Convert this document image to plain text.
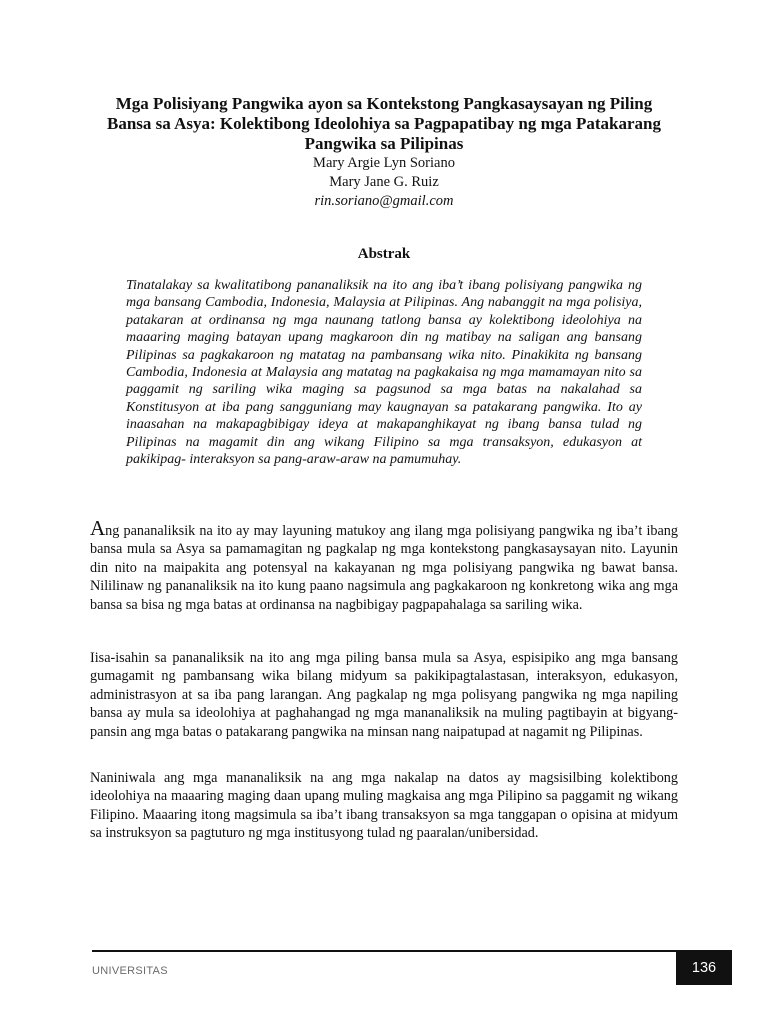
Mga Polisiyang Pangwika ayon sa Kontekstong Pangkasaysayan ng Piling Bansa sa Asya: Kolektibong Ideolohiya sa Pagpapatibay ng mga Patakarang Pangwika sa Pilipinas
Mary Argie Lyn Soriano
Mary Jane G. Ruiz
rin.soriano@gmail.com
Abstrak

Tinatalakay sa kwalitatibong pananaliksik na ito ang iba’t ibang polisiyang pangwika ng mga bansang Cambodia, Indonesia, Malaysia at Pilipinas. Ang nabanggit na mga polisiya, patakaran at ordinansa ng mga naunang tatlong bansa ay kolektibong ideolohiya na maaaring maging batayan upang magkaroon din ng matibay na saligan ang bansang Pilipinas sa pagkakaroon ng matatag na pambansang wika nito. Pinakikita ng bansang Cambodia, Indonesia at Malaysia ang matatag na pagkakaisa ng mga mamamayan nito sa paggamit ng sariling wika maging sa pagsunod sa mga batas na nakalahad sa Konstitusyon at iba pang sangguniang may kaugnayan sa patakarang pangwika. Ito ay inaasahan na makapagbibigay ideya at makapanghikayat ng ibang bansa tulad ng Pilipinas na magamit din ang wikang Filipino sa mga transaksyon, edukasyon at pakikipag- interaksyon sa pang-araw-araw na pamumuhay.

Ang pananaliksik na ito ay may layuning matukoy ang ilang mga polisiyang pangwika ng iba’t ibang bansa mula sa Asya sa pamamagitan ng pagkalap ng mga kontekstong pangkasaysayan nito. Layunin din nito na maipakita ang potensyal na kakayanan ng mga polisiyang pangwika ng bawat bansa. Nililinaw ng pananaliksik na ito kung paano nagsimula ang pagkakaroon ng konkretong wika ang mga bansa sa bisa ng mga batas at ordinansa na nagbibigay pagpapahalaga sa sariling wika.

Iisa-isahin sa pananaliksik na ito ang mga piling bansa mula sa Asya, espisipiko ang mga bansang gumagamit ng pambansang wika bilang midyum sa pakikipagtalastasan, interaksyon, edukasyon, administrasyon at sa iba pang larangan. Ang pagkalap ng mga polisyang pangwika ng mga napiling bansa ay mula sa ideolohiya at paghahangad ng mga mananaliksik na muling pagtibayin at bigyang-pansin ang mga batas o patakarang pangwika na minsan nang naipatupad at nagamit ng Pilipinas.

Naniniwala ang mga mananaliksik na ang mga nakalap na datos ay magsisilbing kolektibong ideolohiya na maaaring maging daan upang muling magkaisa ang mga Pilipino sa paggamit ng wikang Filipino. Maaaring itong magsimula sa iba’t ibang transaksyon sa mga tanggapan o opisina at midyum sa instruksyon sa pagtuturo ng mga institusyong tulad ng paaralan/unibersidad.

UNIVERSITAS	136
